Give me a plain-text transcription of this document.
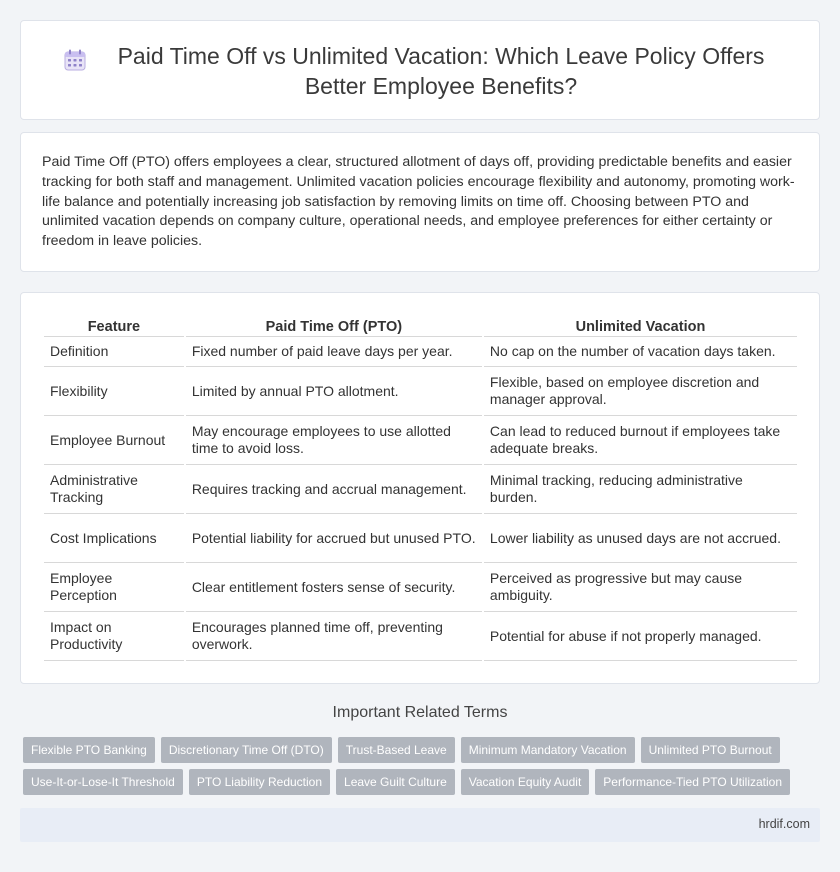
Paid Time Off vs Unlimited Vacation: Which Leave Policy Offers Better Employee Benefits?

Paid Time Off (PTO) offers employees a clear, structured allotment of days off, providing predictable benefits and easier tracking for both staff and management. Unlimited vacation policies encourage flexibility and autonomy, promoting work-life balance and potentially increasing job satisfaction by removing limits on time off. Choosing between PTO and unlimited vacation depends on company culture, operational needs, and employee preferences for either certainty or freedom in leave policies.

Feature	Paid Time Off (PTO)	Unlimited Vacation
Definition	Fixed number of paid leave days per year.	No cap on the number of vacation days taken.
Flexibility	Limited by annual PTO allotment.	Flexible, based on employee discretion and manager approval.
Employee Burnout	May encourage employees to use allotted time to avoid loss.	Can lead to reduced burnout if employees take adequate breaks.
Administrative Tracking	Requires tracking and accrual management.	Minimal tracking, reducing administrative burden.
Cost Implications	Potential liability for accrued but unused PTO.	Lower liability as unused days are not accrued.
Employee Perception	Clear entitlement fosters sense of security.	Perceived as progressive but may cause ambiguity.
Impact on Productivity	Encourages planned time off, preventing overwork.	Potential for abuse if not properly managed.
Important Related Terms
Flexible PTO Banking	Discretionary Time Off (DTO)	Trust-Based Leave	Minimum Mandatory Vacation	Unlimited PTO Burnout
Use-It-or-Lose-It Threshold	PTO Liability Reduction	Leave Guilt Culture	Vacation Equity Audit	Performance-Tied PTO Utilization
hrdif.com
